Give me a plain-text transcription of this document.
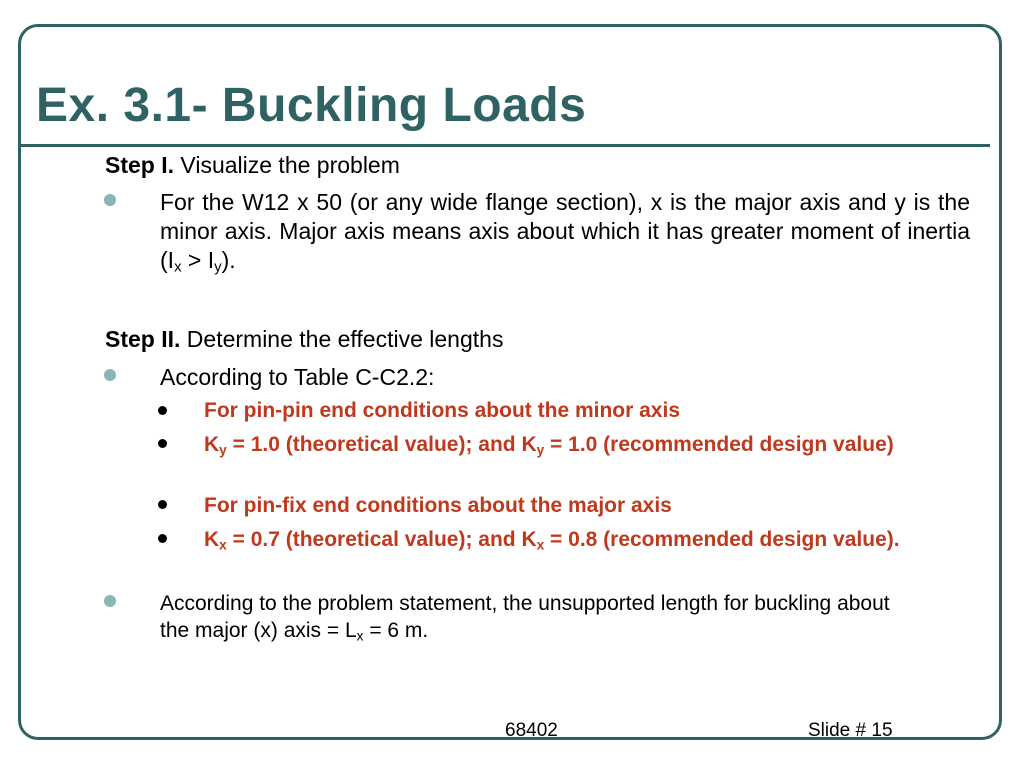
Ex. 3.1- Buckling Loads
Step I. Visualize the problem
For the W12 x 50 (or any wide flange section), x is the major axis and y is the minor axis. Major axis means axis about which it has greater moment of inertia $(I_x > I_y)$.
Step II. Determine the effective lengths
According to Table C-C2.2:
For pin-pin end conditions about the minor axis
$K_y = 1.0$ (theoretical value); and $K_y = 1.0$ (recommended design value)
For pin-fix end conditions about the major axis
$K_x = 0.7$ (theoretical value); and $K_x = 0.8$ (recommended design value).
According to the problem statement, the unsupported length for buckling about the major (x) axis = $L_x = 6$ m.
68402	Slide # 15
